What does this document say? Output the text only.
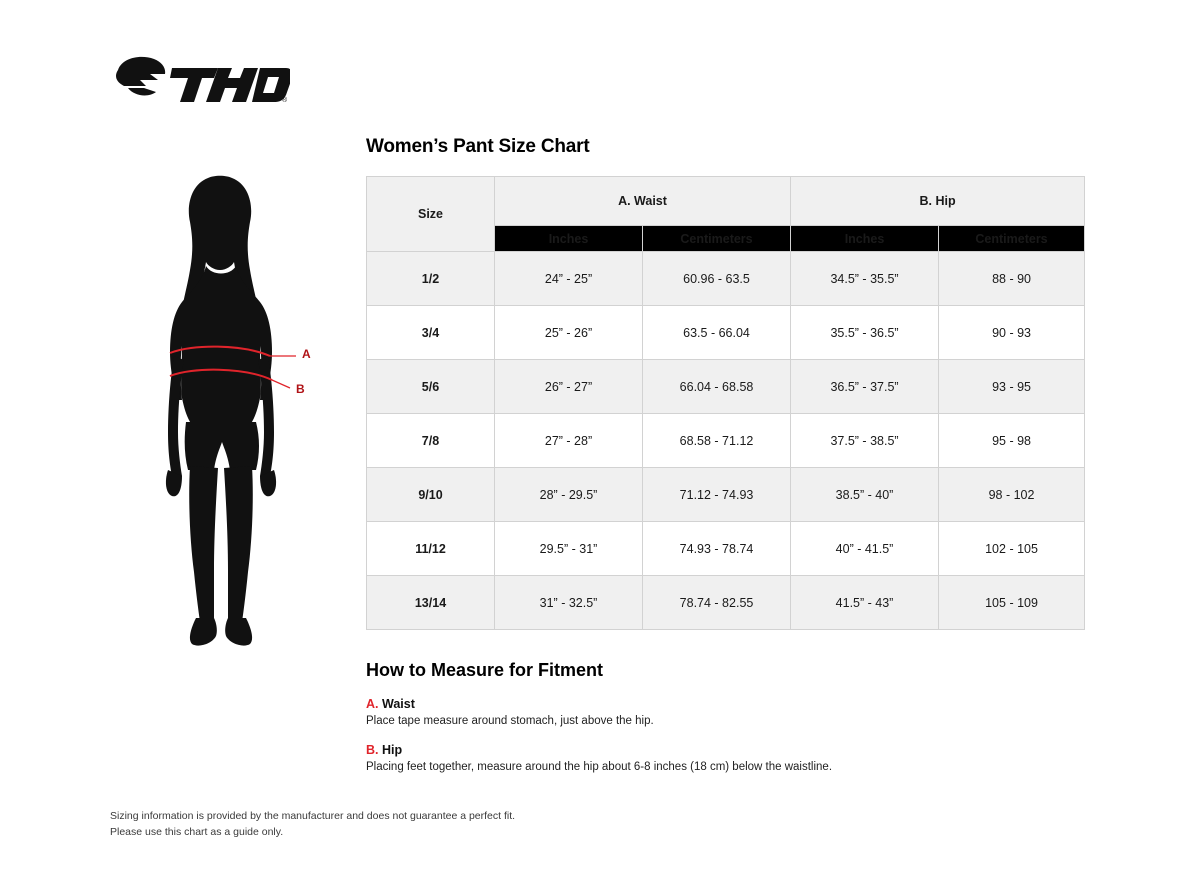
®
A
B
Women’s Pant Size Chart
Size	A. Waist		B. Hip	
	Inches	Centimeters	Inches	Centimeters
1/2	24” - 25”	60.96 - 63.5	34.5” - 35.5”	88 - 90
3/4	25” - 26”	63.5 - 66.04	35.5” - 36.5”	90 - 93
5/6	26” - 27”	66.04 - 68.58	36.5” - 37.5”	93 - 95
7/8	27” - 28”	68.58 - 71.12	37.5” - 38.5”	95 - 98
9/10	28” - 29.5”	71.12 - 74.93	38.5” - 40”	98 - 102
11/12	29.5” - 31”	74.93 - 78.74	40” - 41.5”	102 - 105
13/14	31” - 32.5”	78.74 - 82.55	41.5” - 43”	105 - 109
How to Measure for Fitment
A. Waist
Place tape measure around stomach, just above the hip.
B. Hip
Placing feet together, measure around the hip about 6-8 inches (18 cm) below the waistline.
Sizing information is provided by the manufacturer and does not guarantee a perfect fit.
Please use this chart as a guide only.
